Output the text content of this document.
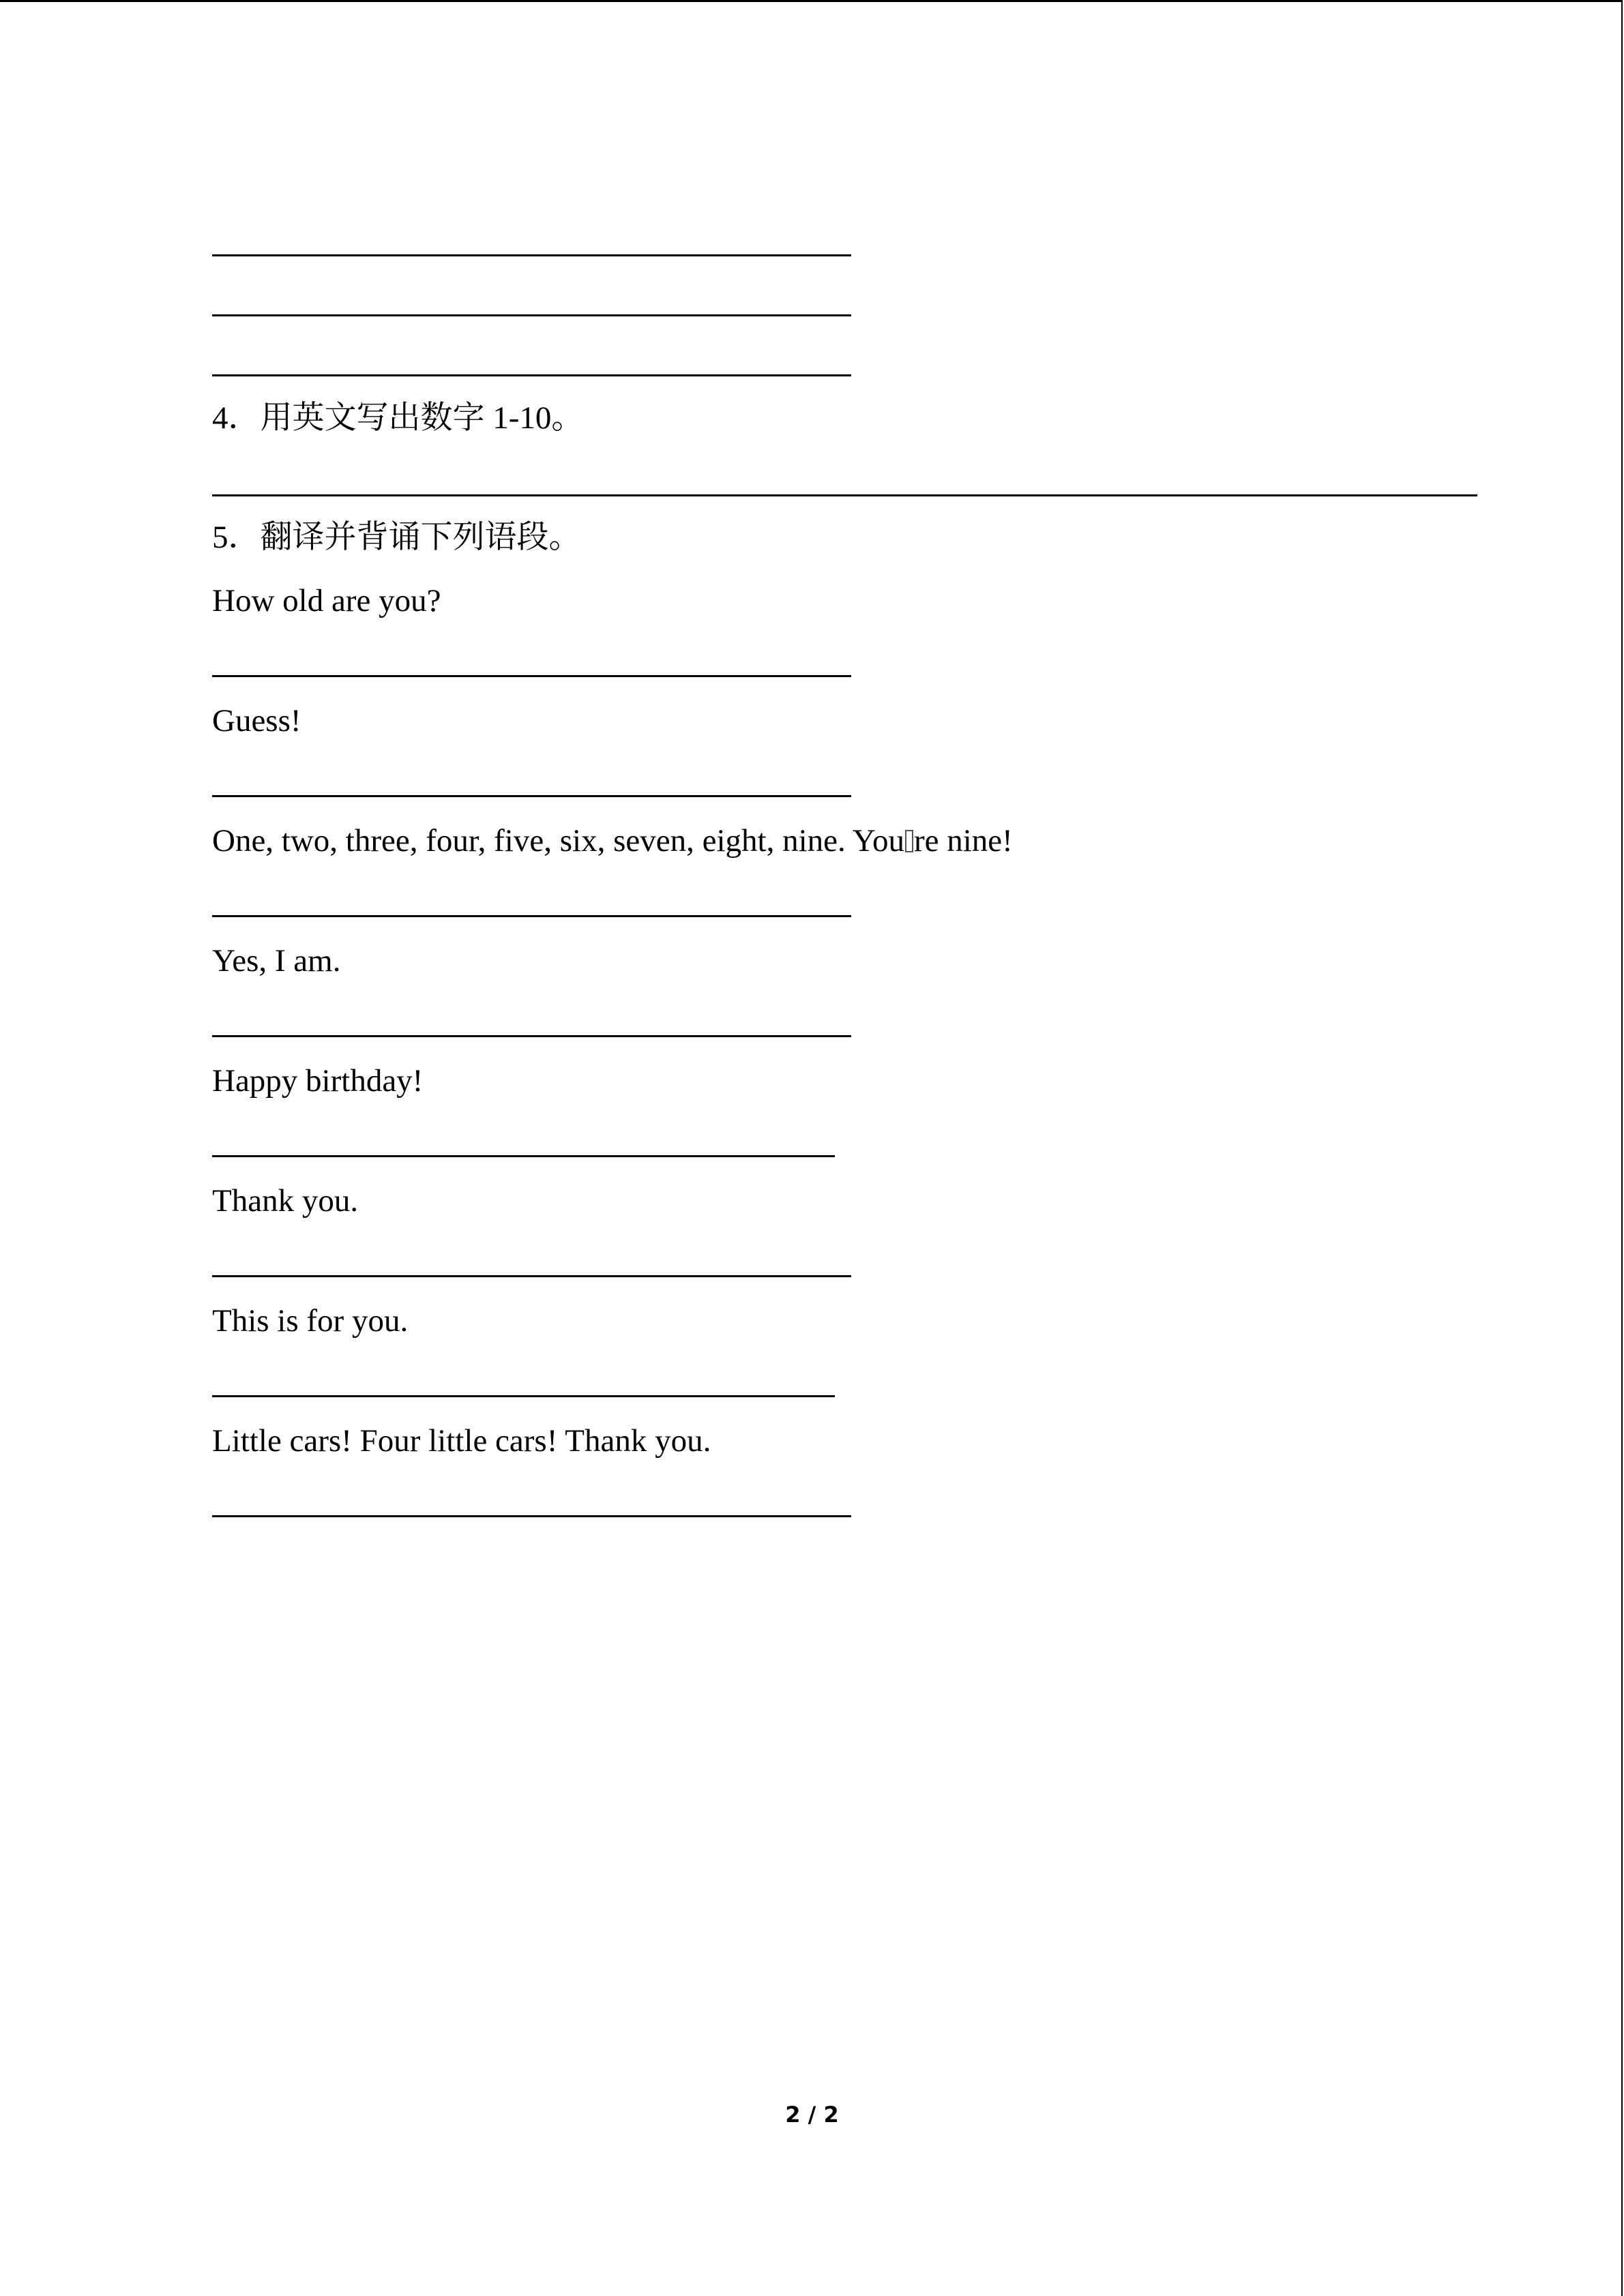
4．用英文写出数字 1-10。
5．翻译并背诵下列语段。
How old are you?
Guess!
One, two, three, four, five, six, seven, eight, nine. You re nine!
Yes, I am.
Happy birthday!
Thank you.
This is for you.
Little cars! Four little cars! Thank you.
2 / 2
